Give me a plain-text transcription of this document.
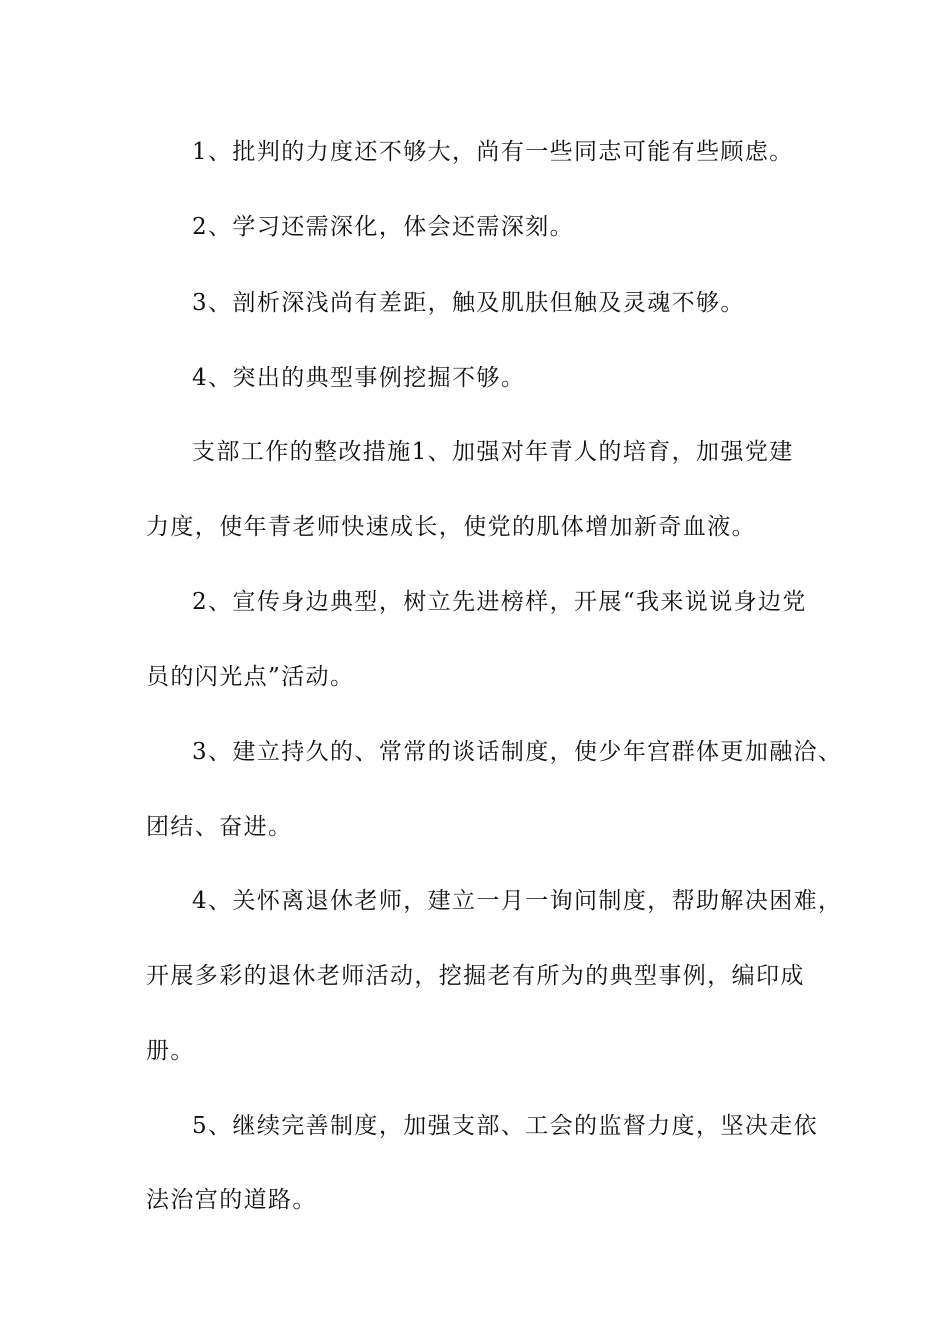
1、批判的力度还不够大，尚有一些同志可能有些顾虑。
2、学习还需深化，体会还需深刻。
3、剖析深浅尚有差距，触及肌肤但触及灵魂不够。
4、突出的典型事例挖掘不够。
支部工作的整改措施1、加强对年青人的培育，加强党建
力度，使年青老师快速成长，使党的肌体增加新奇血液。
2、宣传身边典型，树立先进榜样，开展“我来说说身边党
员的闪光点”活动。
3、建立持久的、常常的谈话制度，使少年宫群体更加融洽、
团结、奋进。
4、关怀离退休老师，建立一月一询问制度，帮助解决困难，
开展多彩的退休老师活动，挖掘老有所为的典型事例，编印成
册。
5、继续完善制度，加强支部、工会的监督力度，坚决走依
法治宫的道路。
